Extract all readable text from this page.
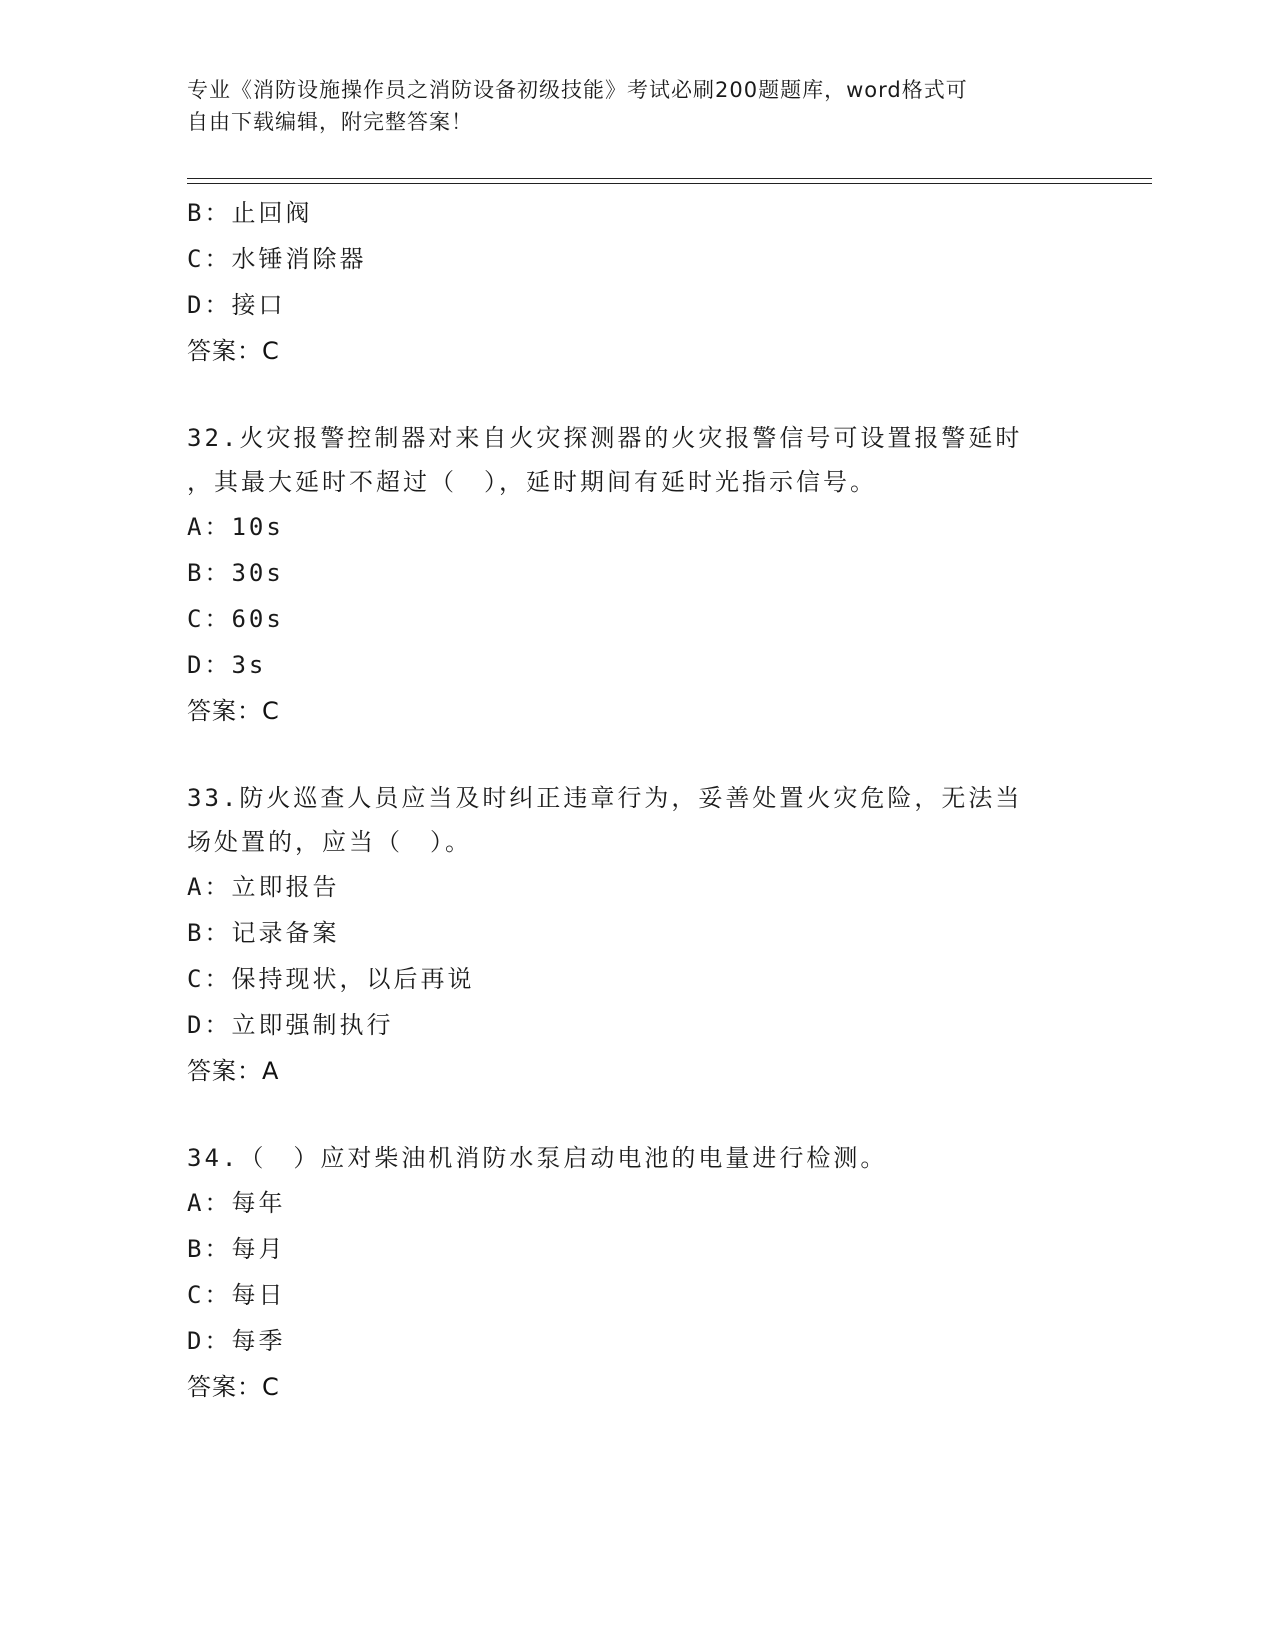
专业《消防设施操作员之消防设备初级技能》考试必刷200题题库，word格式可
自由下载编辑，附完整答案！
B：止回阀
C：水锤消除器
D：接口
答案：C
32.火灾报警控制器对来自火灾探测器的火灾报警信号可设置报警延时
，其最大延时不超过（　），延时期间有延时光指示信号。
A：10s
B：30s
C：60s
D：3s
答案：C
33.防火巡查人员应当及时纠正违章行为，妥善处置火灾危险，无法当
场处置的，应当（　）。
A：立即报告
B：记录备案
C：保持现状，以后再说
D：立即强制执行
答案：A
34.（　）应对柴油机消防水泵启动电池的电量进行检测。
A：每年
B：每月
C：每日
D：每季
答案：C
